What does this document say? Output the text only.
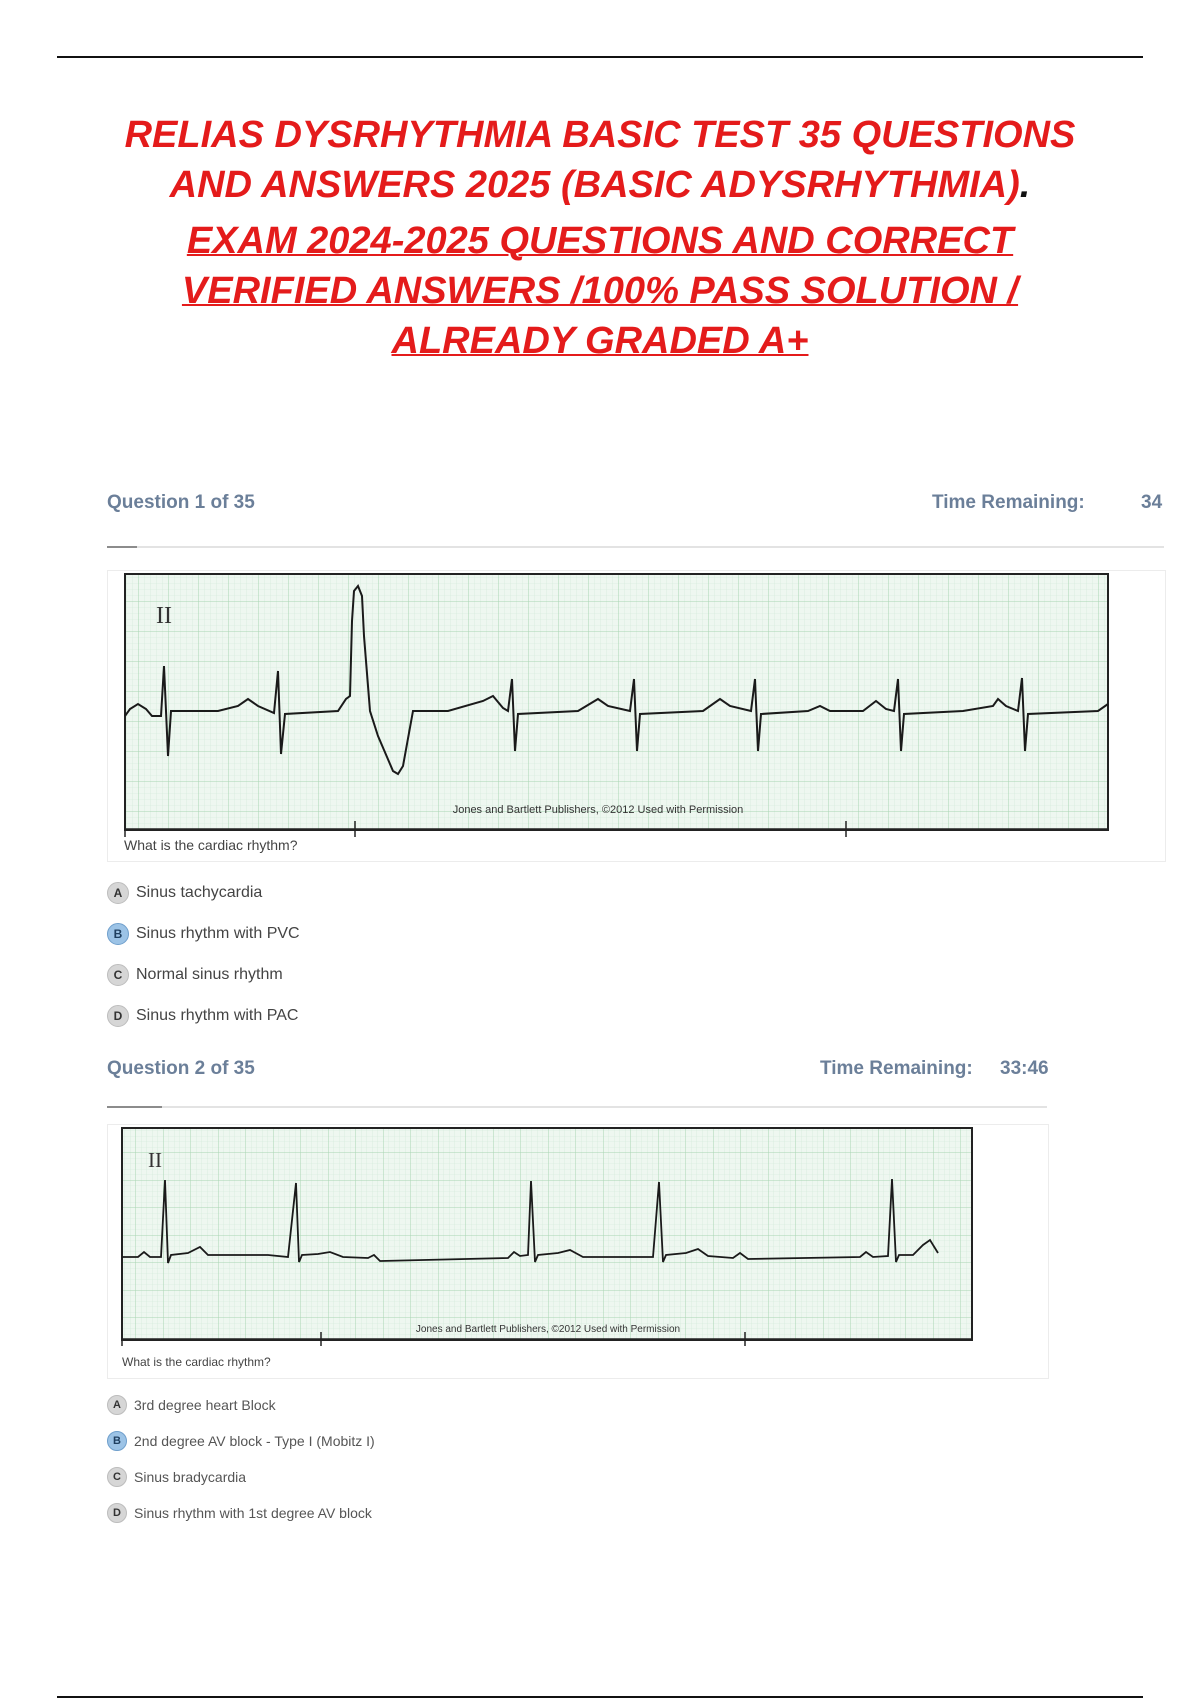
RELIAS DYSRHYTHMIA BASIC TEST 35 QUESTIONS
AND ANSWERS 2025 (BASIC ADYSRHYTHMIA).
EXAM 2024-2025 QUESTIONS AND CORRECT
VERIFIED ANSWERS /100% PASS SOLUTION /
ALREADY GRADED A+
Question 1 of 35	Time Remaining:	34
II
Jones and Bartlett Publishers, ©2012 Used with Permission
What is the cardiac rhythm?
A Sinus tachycardia
B Sinus rhythm with PVC
C Normal sinus rhythm
D Sinus rhythm with PAC
Question 2 of 35	Time Remaining: 33:46
II
Jones and Bartlett Publishers, ©2012 Used with Permission
What is the cardiac rhythm?
A 3rd degree heart Block
B 2nd degree AV block - Type I (Mobitz I)
C Sinus bradycardia
D Sinus rhythm with 1st degree AV block
